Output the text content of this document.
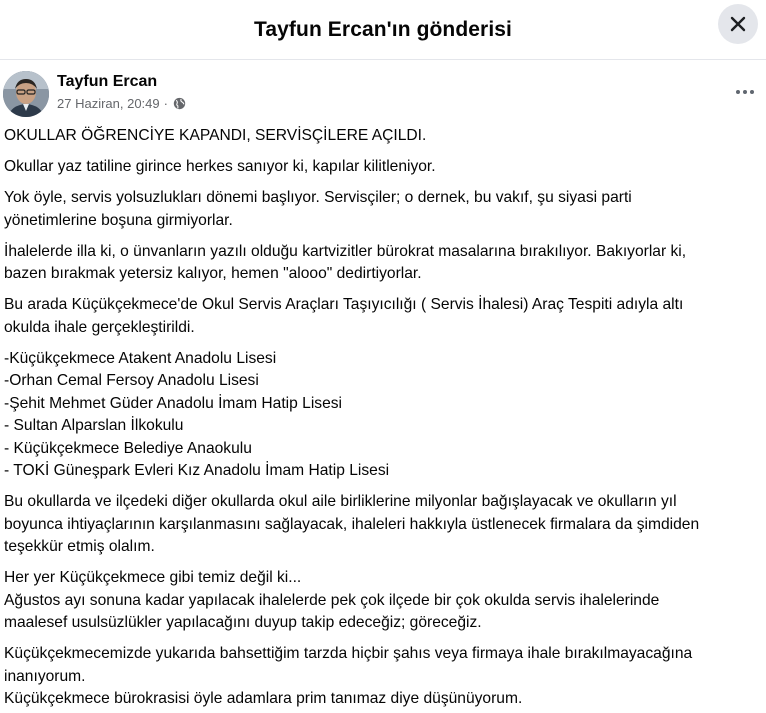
Tayfun Ercan'ın gönderisi
Tayfun Ercan
27 Haziran, 20:49 ·
OKULLAR ÖĞRENCİYE KAPANDI, SERVİSÇİLERE AÇILDI.
Okullar yaz tatiline girince herkes sanıyor ki, kapılar kilitleniyor.
Yok öyle, servis yolsuzlukları dönemi başlıyor. Servisçiler; o dernek, bu vakıf, şu siyasi parti
yönetimlerine boşuna girmiyorlar.
İhalelerde illa ki, o ünvanların yazılı olduğu kartvizitler bürokrat masalarına bırakılıyor. Bakıyorlar ki,
bazen bırakmak yetersiz kalıyor, hemen "alooo" dedirtiyorlar.
Bu arada Küçükçekmece'de Okul Servis Araçları Taşıyıcılığı ( Servis İhalesi) Araç Tespiti adıyla altı
okulda ihale gerçekleştirildi.
-Küçükçekmece Atakent Anadolu Lisesi
-Orhan Cemal Fersoy Anadolu Lisesi
-Şehit Mehmet Güder Anadolu İmam Hatip Lisesi
- Sultan Alparslan İlkokulu
- Küçükçekmece Belediye Anaokulu
- TOKİ Güneşpark Evleri Kız Anadolu İmam Hatip Lisesi
Bu okullarda ve ilçedeki diğer okullarda okul aile birliklerine milyonlar bağışlayacak ve okulların yıl
boyunca ihtiyaçlarının karşılanmasını sağlayacak, ihaleleri hakkıyla üstlenecek firmalara da şimdiden
teşekkür etmiş olalım.
Her yer Küçükçekmece gibi temiz değil ki...
Ağustos ayı sonuna kadar yapılacak ihalelerde pek çok ilçede bir çok okulda servis ihalelerinde
maalesef usulsüzlükler yapılacağını duyup takip edeceğiz; göreceğiz.
Küçükçekmecemizde yukarıda bahsettiğim tarzda hiçbir şahıs veya firmaya ihale bırakılmayacağına
inanıyorum.
Küçükçekmece bürokrasisi öyle adamlara prim tanımaz diye düşünüyorum.
